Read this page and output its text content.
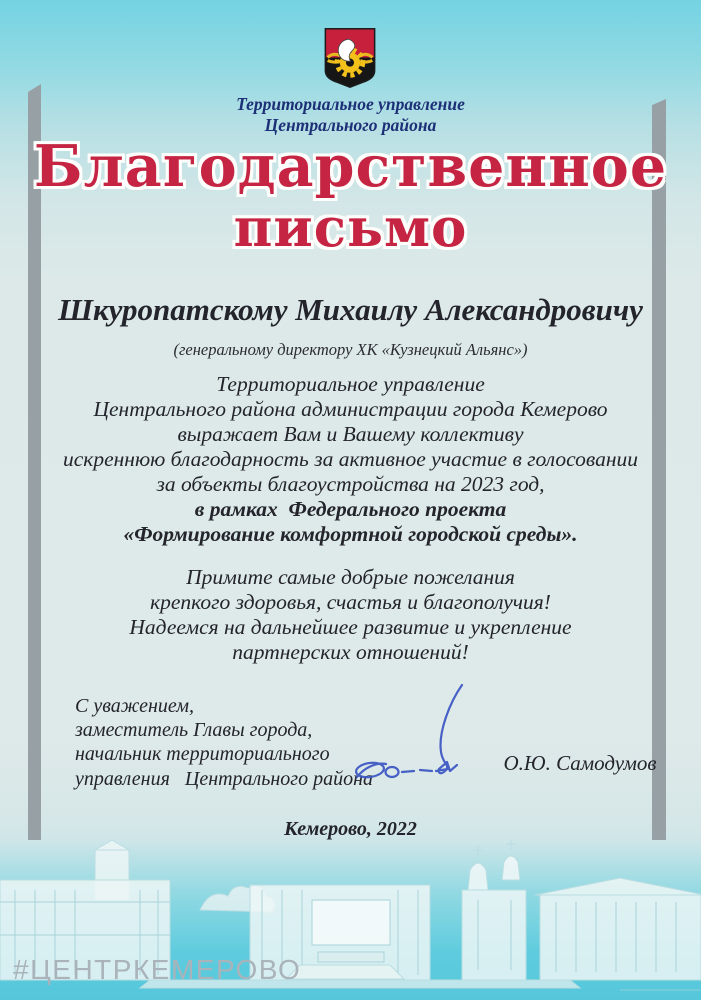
Территориальное управление
Центрального района
Благодарственное
письмо
Шкуропатскому Михаилу Александровичу
(генеральному директору ХК «Кузнецкий Альянс»)
Территориальное управление
Центрального района администрации города Кемерово
выражает Вам и Вашему коллективу
искреннюю благодарность за активное участие в голосовании
за объекты благоустройства на 2023 год,
в рамках  Федерального проекта
«Формирование комфортной городской среды».
Примите самые добрые пожелания
крепкого здоровья, счастья и благополучия!
Надеемся на дальнейшее развитие и укрепление
партнерских отношений!
С уважением,
заместитель Главы города,
начальник территориального
управления   Центрального района
О.Ю. Самодумов
Кемерово, 2022
#ЦЕНТРКЕМЕРОВО
